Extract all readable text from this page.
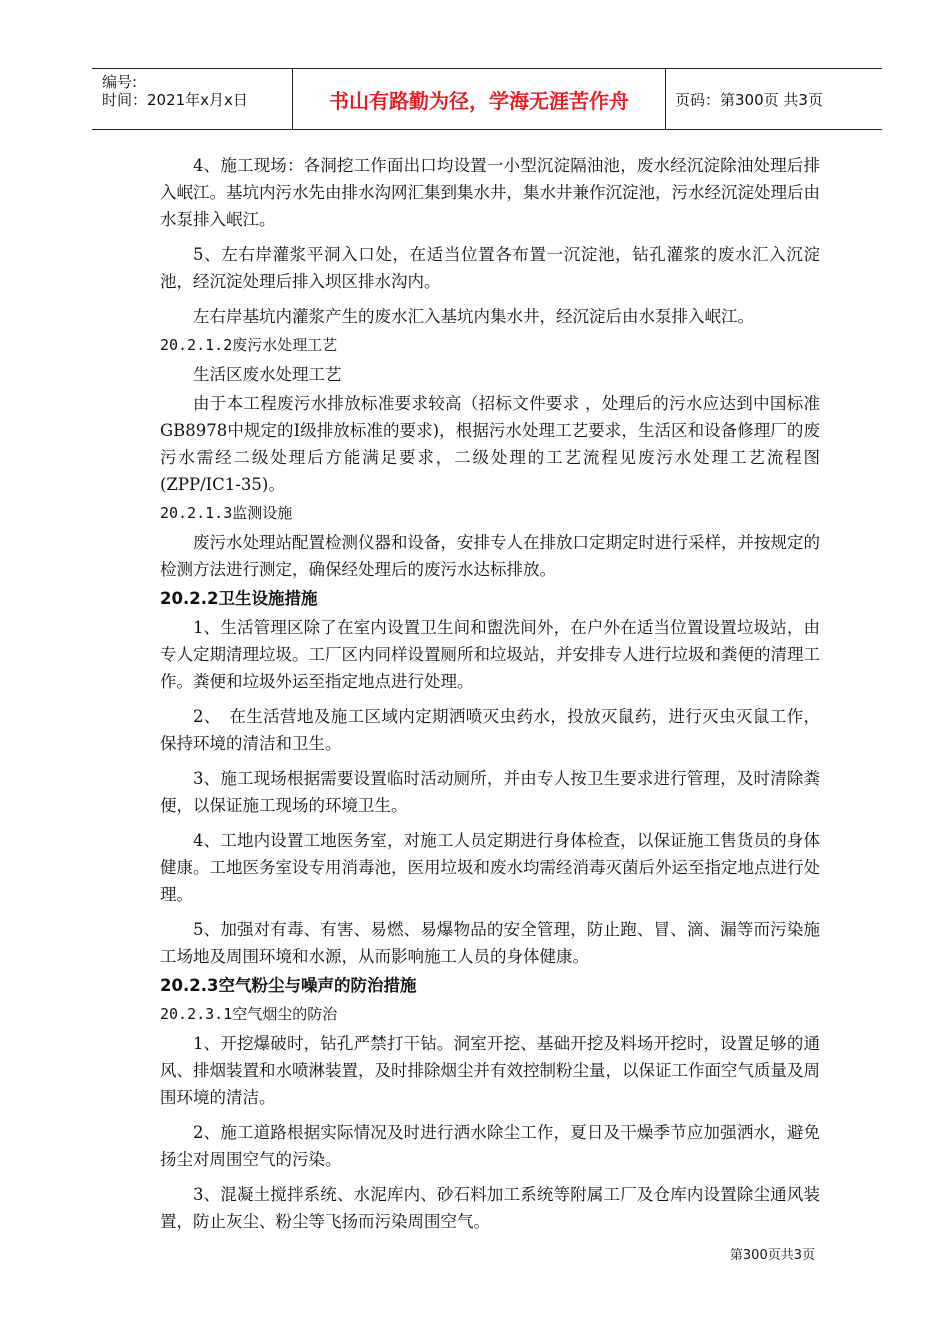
编号:
时间：2021年x月x日	书山有路勤为径，学海无涯苦作舟	页码：第300页 共3页

4、施工现场：各洞挖工作面出口均设置一小型沉淀隔油池，废水经沉淀除油处理后排入岷江。基坑内污水先由排水沟网汇集到集水井，集水井兼作沉淀池，污水经沉淀处理后由水泵排入岷江。

5、左右岸灌浆平洞入口处，在适当位置各布置一沉淀池，钻孔灌浆的废水汇入沉淀池，经沉淀处理后排入坝区排水沟内。

左右岸基坑内灌浆产生的废水汇入基坑内集水井，经沉淀后由水泵排入岷江。

20.2.1.2废污水处理工艺

生活区废水处理工艺

由于本工程废污水排放标准要求较高（招标文件要求 ，处理后的污水应达到中国标准GB8978中规定的Ⅰ级排放标准的要求)，根据污水处理工艺要求，生活区和设备修理厂的废污水需经二级处理后方能满足要求，二级处理的工艺流程见废污水处理工艺流程图(ZPP/IC1-35)。

20.2.1.3监测设施

废污水处理站配置检测仪器和设备，安排专人在排放口定期定时进行采样，并按规定的检测方法进行测定，确保经处理后的废污水达标排放。

20.2.2卫生设施措施

1、生活管理区除了在室内设置卫生间和盥洗间外，在户外在适当位置设置垃圾站，由专人定期清理垃圾。工厂区内同样设置厕所和垃圾站，并安排专人进行垃圾和粪便的清理工作。粪便和垃圾外运至指定地点进行处理。

2、　在生活营地及施工区域内定期洒喷灭虫药水，投放灭鼠药，进行灭虫灭鼠工作，保持环境的清洁和卫生。

3、施工现场根据需要设置临时活动厕所，并由专人按卫生要求进行管理，及时清除粪便，以保证施工现场的环境卫生。

4、工地内设置工地医务室，对施工人员定期进行身体检查，以保证施工售货员的身体健康。工地医务室设专用消毒池，医用垃圾和废水均需经消毒灭菌后外运至指定地点进行处理。

5、加强对有毒、有害、易燃、易爆物品的安全管理，防止跑、冒、滴、漏等而污染施工场地及周围环境和水源，从而影响施工人员的身体健康。

20.2.3空气粉尘与噪声的防治措施

20.2.3.1空气烟尘的防治

1、开挖爆破时，钻孔严禁打干钻。洞室开挖、基础开挖及料场开挖时，设置足够的通风、排烟装置和水喷淋装置，及时排除烟尘并有效控制粉尘量，以保证工作面空气质量及周围环境的清洁。

2、施工道路根据实际情况及时进行洒水除尘工作，夏日及干燥季节应加强洒水，避免扬尘对周围空气的污染。

3、混凝土搅拌系统、水泥库内、砂石料加工系统等附属工厂及仓库内设置除尘通风装置，防止灰尘、粉尘等飞扬而污染周围空气。

第300页共3页
